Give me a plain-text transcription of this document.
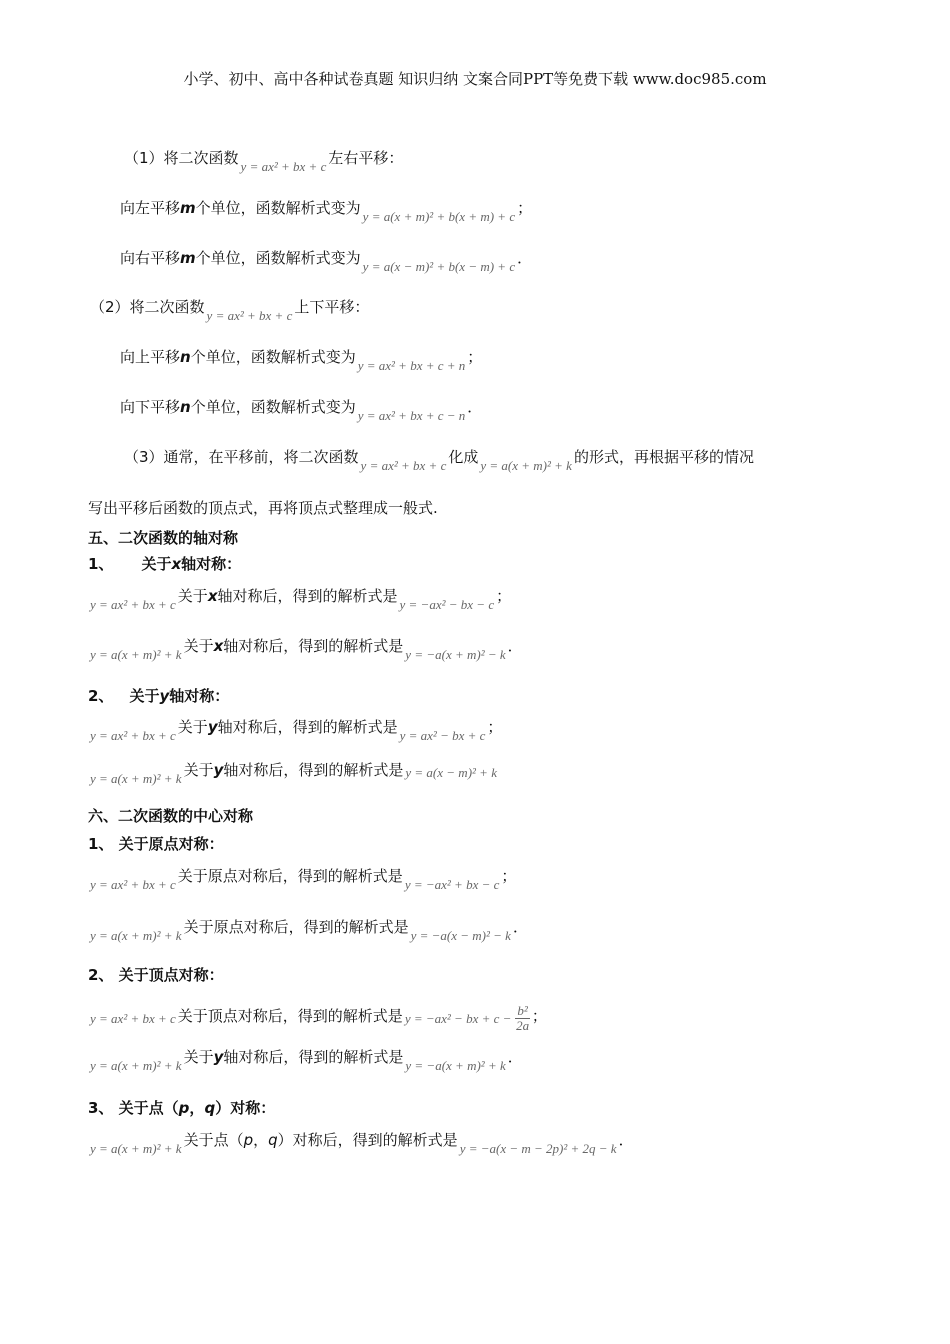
小学、初中、高中各种试卷真题 知识归纳 文案合同PPT等免费下载 www.doc985.com
（1）将二次函数 y = ax² + bx + c 左右平移：
向左平移m个单位，函数解析式变为 y = a(x + m)² + b(x + m) + c ；
向右平移m个单位，函数解析式变为 y = a(x − m)² + b(x − m) + c ．
（2）将二次函数 y = ax² + bx + c 上下平移：
向上平移n个单位，函数解析式变为 y = ax² + bx + c + n ；
向下平移n个单位，函数解析式变为 y = ax² + bx + c − n ．
（3）通常，在平移前，将二次函数 y = ax² + bx + c 化成 y = a(x + m)² + k 的形式，再根据平移的情况
写出平移后函数的顶点式，再将顶点式整理成一般式.
五、二次函数的轴对称
1、 关于x轴对称：
y = ax² + bx + c 关于x轴对称后，得到的解析式是 y = −ax² − bx − c ；
y = a(x + m)² + k 关于x轴对称后，得到的解析式是 y = −a(x + m)² − k ．
2、 关于y轴对称：
y = ax² + bx + c 关于y轴对称后，得到的解析式是 y = ax² − bx + c ；
y = a(x + m)² + k 关于y轴对称后，得到的解析式是 y = a(x − m)² + k
六、二次函数的中心对称
1、 关于原点对称：
y = ax² + bx + c 关于原点对称后，得到的解析式是 y = −ax² + bx − c ；
y = a(x + m)² + k 关于原点对称后，得到的解析式是 y = −a(x − m)² − k ．
2、 关于顶点对称：
y = ax² + bx + c 关于顶点对称后，得到的解析式是 y = −ax² − bx + $c - \frac{\text{b²}}{2a}$ ；
y = a(x + m)² + k 关于y轴对称后，得到的解析式是 y = −a(x + m)² + k ．
3、 关于点（p，q）对称：
y = a(x + m)² + k 关于点（p，q）对称后，得到的解析式是 y = −a(x − m − 2p)² + 2q − k ．
